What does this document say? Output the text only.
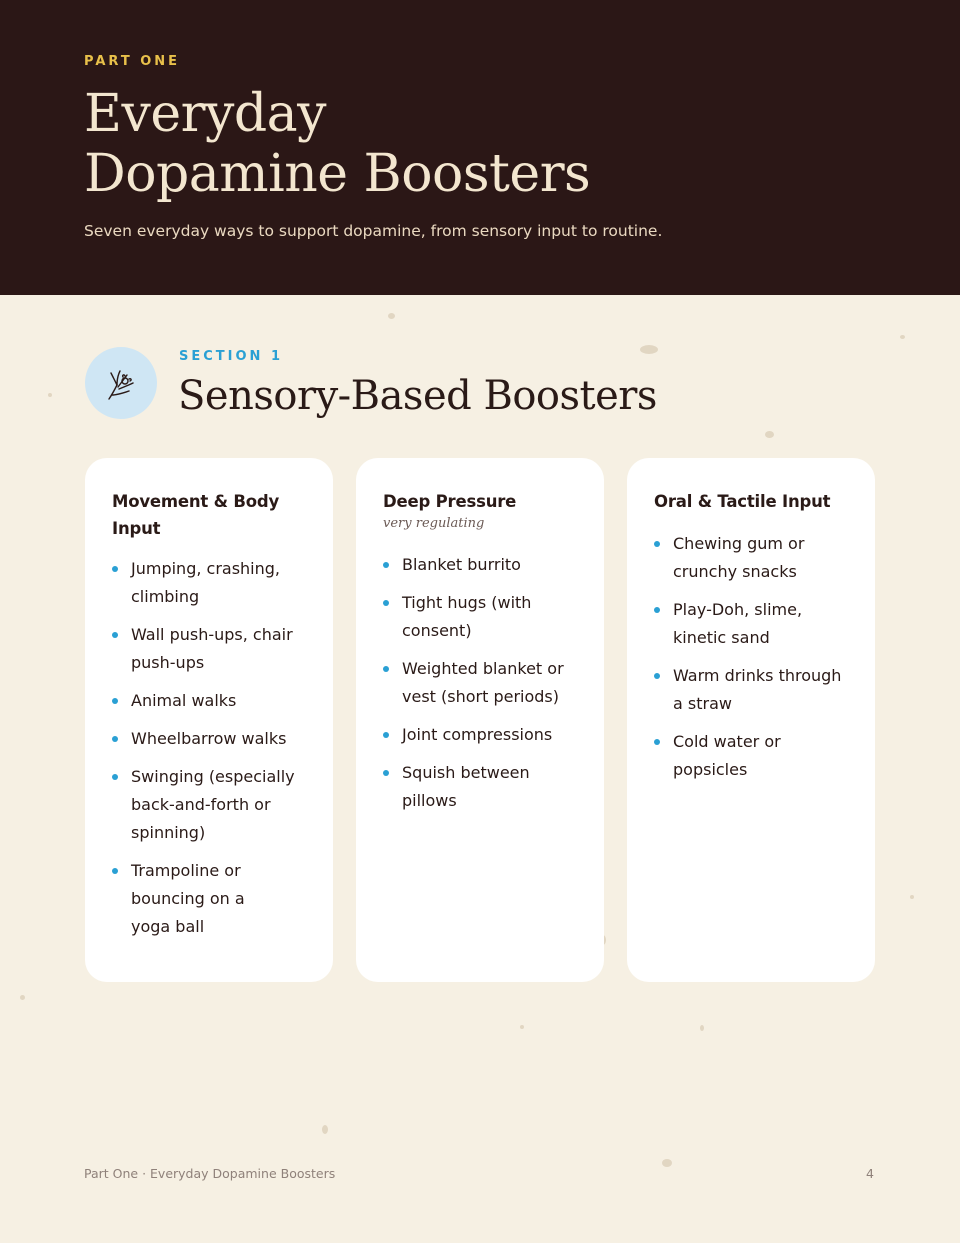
PART ONE
Everyday
Dopamine Boosters
Seven everyday ways to support dopamine, from sensory input to routine.
SECTION 1
Sensory-Based Boosters
Movement & Body Input
Jumping, crashing, climbing
Wall push-ups, chair push-ups
Animal walks
Wheelbarrow walks
Swinging (especially back-and-forth or spinning)
Trampoline or bouncing on a yoga ball
Deep Pressure
very regulating
Blanket burrito
Tight hugs (with consent)
Weighted blanket or vest (short periods)
Joint compressions
Squish between pillows
Oral & Tactile Input
Chewing gum or crunchy snacks
Play-Doh, slime, kinetic sand
Warm drinks through a straw
Cold water or popsicles
Part One · Everyday Dopamine Boosters	4
